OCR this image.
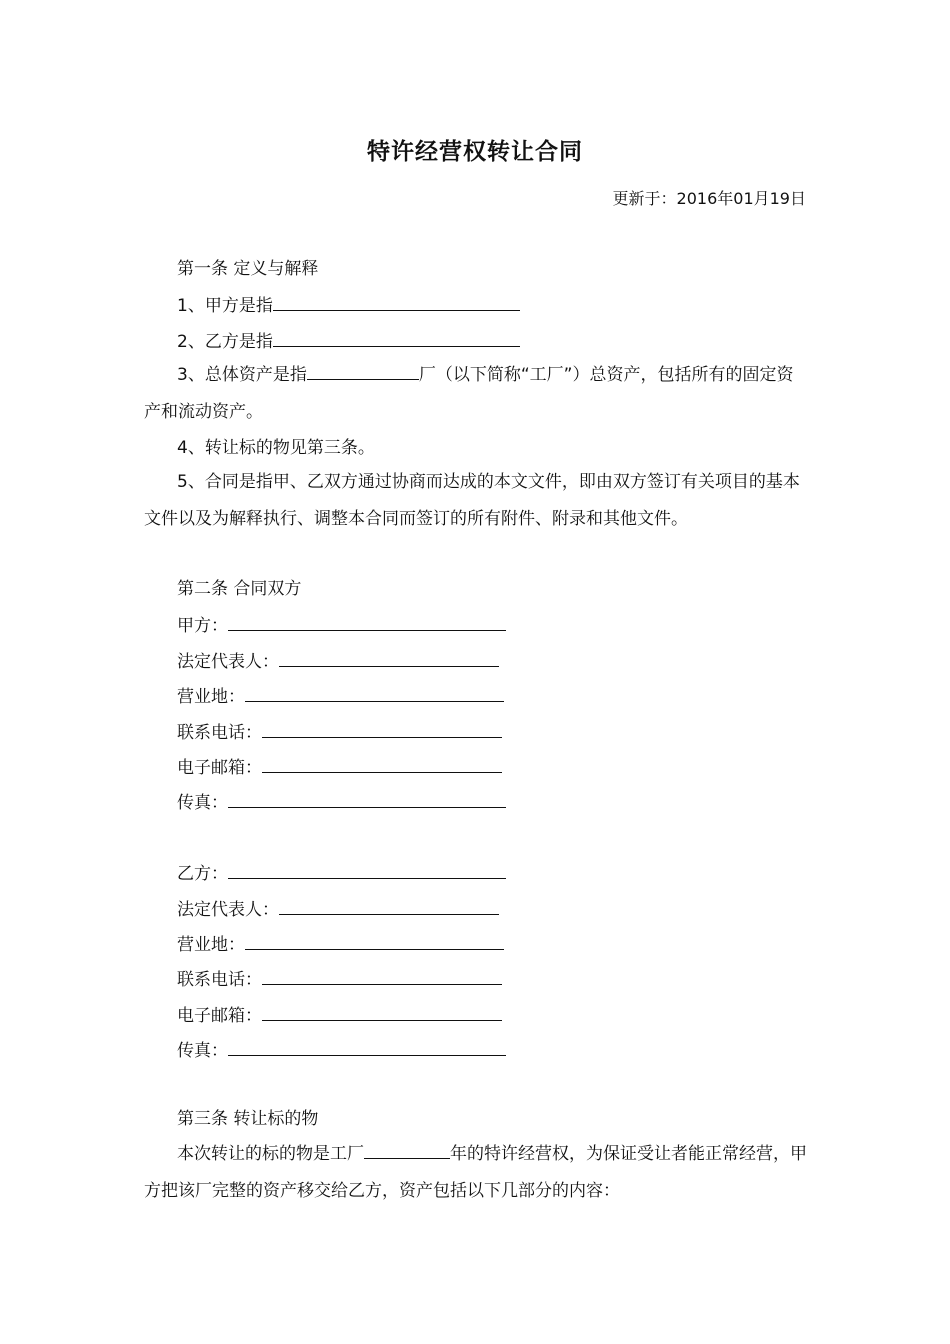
特许经营权转让合同
更新于：2016年01月19日
第一条 定义与解释
1、甲方是指
2、乙方是指
3、总体资产是指	厂（以下简称“工厂”）总资产，包括所有的固定资产和流动资产。
4、转让标的物见第三条。
5、合同是指甲、乙双方通过协商而达成的本文文件，即由双方签订有关项目的基本文件以及为解释执行、调整本合同而签订的所有附件、附录和其他文件。
第二条 合同双方
甲方：
法定代表人：
营业地：
联系电话：
电子邮箱：
传真：
乙方：
法定代表人：
营业地：
联系电话：
电子邮箱：
传真：
第三条 转让标的物
本次转让的标的物是工厂	年的特许经营权，为保证受让者能正常经营，甲方把该厂完整的资产移交给乙方，资产包括以下几部分的内容：
